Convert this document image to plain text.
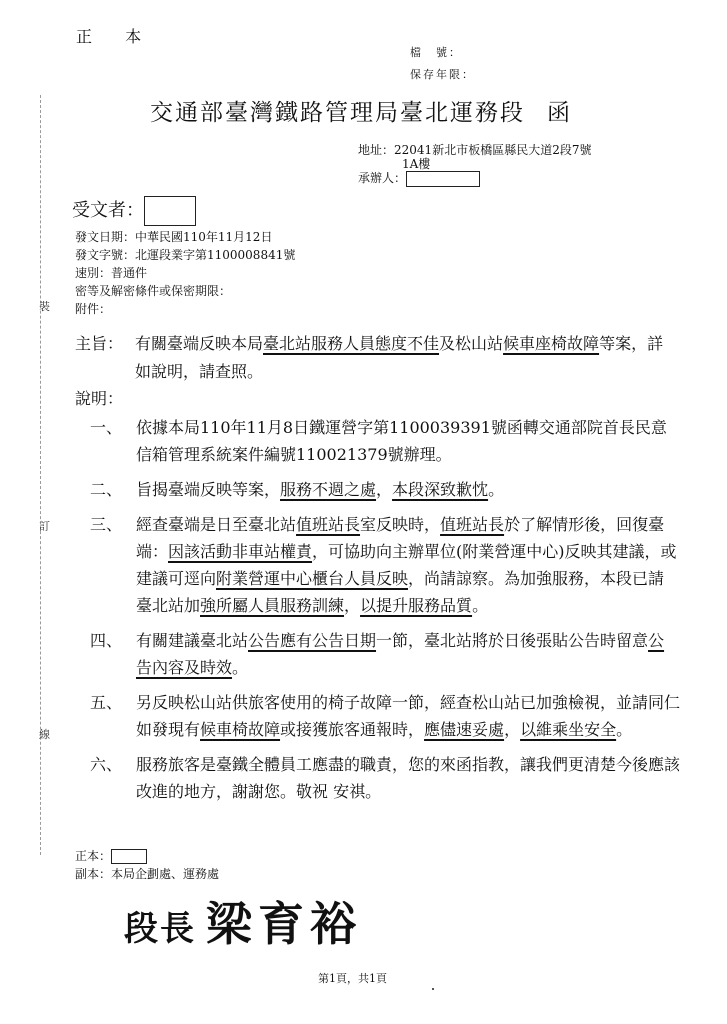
裝
訂
線
正 本
檔　號：
保存年限：
交通部臺灣鐵路管理局臺北運務段 函
地址：22041新北市板橋區縣民大道2段7號
1A樓
承辦人：
受文者：
發文日期：中華民國110年11月12日
發文字號：北運段業字第1100008841號
速別：普通件
密等及解密條件或保密期限：
附件：
主旨： 有關臺端反映本局臺北站服務人員態度不佳及松山站候車座椅故障等案，詳如說明，請查照。
說明：
一、 依據本局110年11月8日鐵運營字第1100039391號函轉交通部院首長民意信箱管理系統案件編號110021379號辦理。
二、 旨揭臺端反映等案，服務不週之處，本段深致歉忱。
三、 經查臺端是日至臺北站值班站長室反映時，值班站長於了解情形後，回復臺端：因該活動非車站權責，可協助向主辦單位(附業營運中心)反映其建議，或建議可逕向附業營運中心櫃台人員反映，尚請諒察。為加強服務，本段已請臺北站加強所屬人員服務訓練，以提升服務品質。
四、 有關建議臺北站公告應有公告日期一節，臺北站將於日後張貼公告時留意公告內容及時效。
五、 另反映松山站供旅客使用的椅子故障一節，經查松山站已加強檢視，並請同仁如發現有候車椅故障或接獲旅客通報時，應儘速妥處，以維乘坐安全。
六、 服務旅客是臺鐵全體員工應盡的職責，您的來函指教，讓我們更清楚今後應該改進的地方，謝謝您。敬祝 安祺。
正本：
副本：本局企劃處、運務處
段長 梁育裕
第1頁，共1頁
